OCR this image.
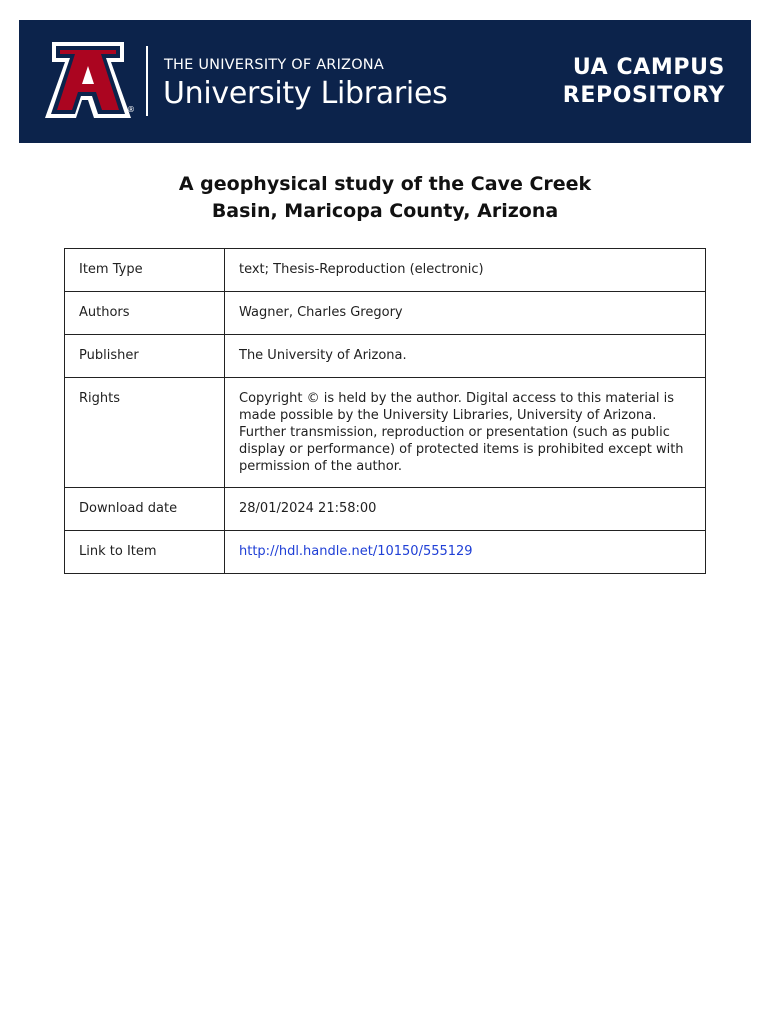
®
THE UNIVERSITY OF ARIZONA
University Libraries
UA CAMPUS
REPOSITORY
A geophysical study of the Cave Creek
Basin, Maricopa County, Arizona
Item Type	text; Thesis-Reproduction (electronic)
Authors	Wagner, Charles Gregory
Publisher	The University of Arizona.
Rights	Copyright © is held by the author. Digital access to this material is made possible by the University Libraries, University of Arizona. Further transmission, reproduction or presentation (such as public display or performance) of protected items is prohibited except with permission of the author.
Download date	28/01/2024 21:58:00
Link to Item	http://hdl.handle.net/10150/555129
